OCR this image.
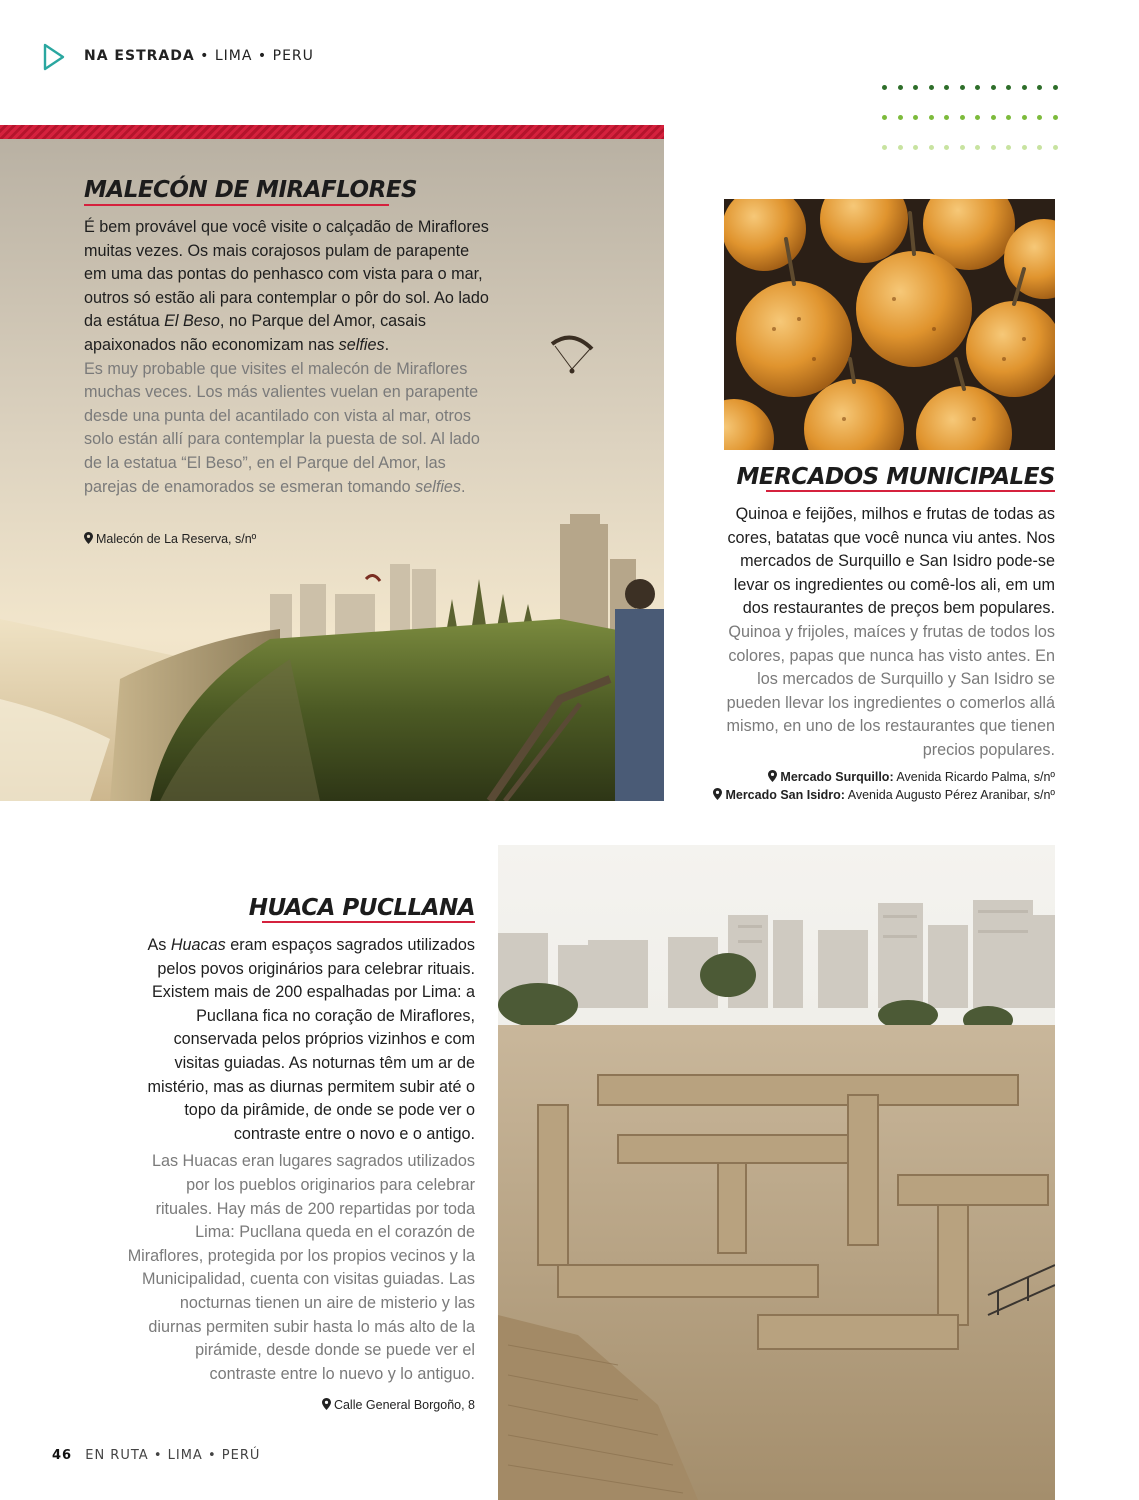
NA ESTRADA • LIMA • PERU
MALECÓN DE MIRAFLORES

É bem provável que você visite o calçadão de Miraflores muitas vezes. Os mais corajosos pulam de parapente em uma das pontas do penhasco com vista para o mar, outros só estão ali para contemplar o pôr do sol. Ao lado da estátua El Beso, no Parque del Amor, casais apaixonados não economizam nas selfies.

Es muy probable que visites el malecón de Miraflores muchas veces. Los más valientes vuelan en parapente desde una punta del acantilado con vista al mar, otros solo están allí para contemplar la puesta de sol. Al lado de la estatua “El Beso”, en el Parque del Amor, las parejas de enamorados se esmeran tomando selfies.

Malecón de La Reserva, s/nº
MERCADOS MUNICIPALES

Quinoa e feijões, milhos e frutas de todas as cores, batatas que você nunca viu antes. Nos mercados de Surquillo e San Isidro pode-se levar os ingredientes ou comê-los ali, em um dos restaurantes de preços bem populares.

Quinoa y frijoles, maíces y frutas de todos los colores, papas que nunca has visto antes. En los mercados de Surquillo y San Isidro se pueden llevar los ingredientes o comerlos allá mismo, en uno de los restaurantes que tienen precios populares.

Mercado Surquillo: Avenida Ricardo Palma, s/nº
Mercado San Isidro: Avenida Augusto Pérez Aranibar, s/nº
HUACA PUCLLANA

As Huacas eram espaços sagrados utilizados pelos povos originários para celebrar rituais. Existem mais de 200 espalhadas por Lima: a Pucllana fica no coração de Miraflores, conservada pelos próprios vizinhos e com visitas guiadas. As noturnas têm um ar de mistério, mas as diurnas permitem subir até o topo da pirâmide, de onde se pode ver o contraste entre o novo e o antigo.

Las Huacas eran lugares sagrados utilizados por los pueblos originarios para celebrar rituales. Hay más de 200 repartidas por toda Lima: Pucllana queda en el corazón de Miraflores, protegida por los propios vecinos y la Municipalidad, cuenta con visitas guiadas. Las nocturnas tienen un aire de misterio y las diurnas permiten subir hasta lo más alto de la pirámide, desde donde se puede ver el contraste entre lo nuevo y lo antiguo.

Calle General Borgoño, 8
46 EN RUTA • LIMA • PERÚ
